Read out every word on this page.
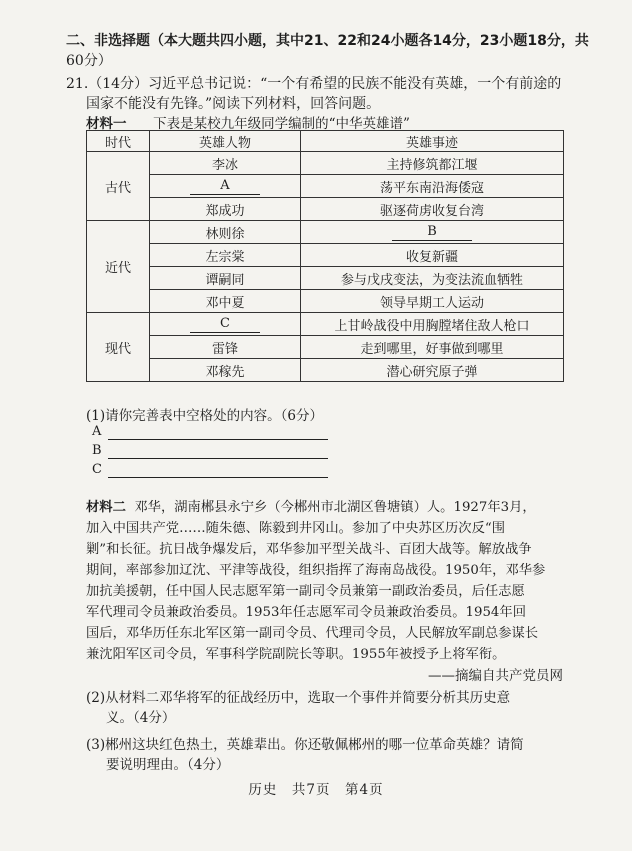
二、非选择题（本大题共四小题，其中21、22和24小题各14分，23小题18分，共
60分）
21.（14分）习近平总书记说：“一个有希望的民族不能没有英雄，一个有前途的
国家不能没有先锋。”阅读下列材料，回答问题。
材料一 下表是某校九年级同学编制的“中华英雄谱”
时代	英雄人物	英雄事迹
古代	李冰	主持修筑都江堰
	A	荡平东南沿海倭寇
	郑成功	驱逐荷虏收复台湾
近代	林则徐	B
	左宗棠	收复新疆
	谭嗣同	参与戊戌变法，为变法流血牺牲
	邓中夏	领导早期工人运动
现代	C	上甘岭战役中用胸膛堵住敌人枪口
	雷锋	走到哪里，好事做到哪里
	邓稼先	潜心研究原子弹
(1)请你完善表中空格处的内容。（6分）
A
B
C
材料二 邓华，湖南郴县永宁乡（今郴州市北湖区鲁塘镇）人。1927年3月，
加入中国共产党……随朱德、陈毅到井冈山。参加了中央苏区历次反“围
剿”和长征。抗日战争爆发后，邓华参加平型关战斗、百团大战等。解放战争
期间，率部参加辽沈、平津等战役，组织指挥了海南岛战役。1950年，邓华参
加抗美援朝，任中国人民志愿军第一副司令员兼第一副政治委员，后任志愿
军代理司令员兼政治委员。1953年任志愿军司令员兼政治委员。1954年回
国后，邓华历任东北军区第一副司令员、代理司令员，人民解放军副总参谋长
兼沈阳军区司令员，军事科学院副院长等职。1955年被授予上将军衔。
——摘编自共产党员网
(2)从材料二邓华将军的征战经历中，选取一个事件并简要分析其历史意
义。（4分）
(3)郴州这块红色热土，英雄辈出。你还敬佩郴州的哪一位革命英雄？请简
要说明理由。（4分）
历史　共7页　第4页
